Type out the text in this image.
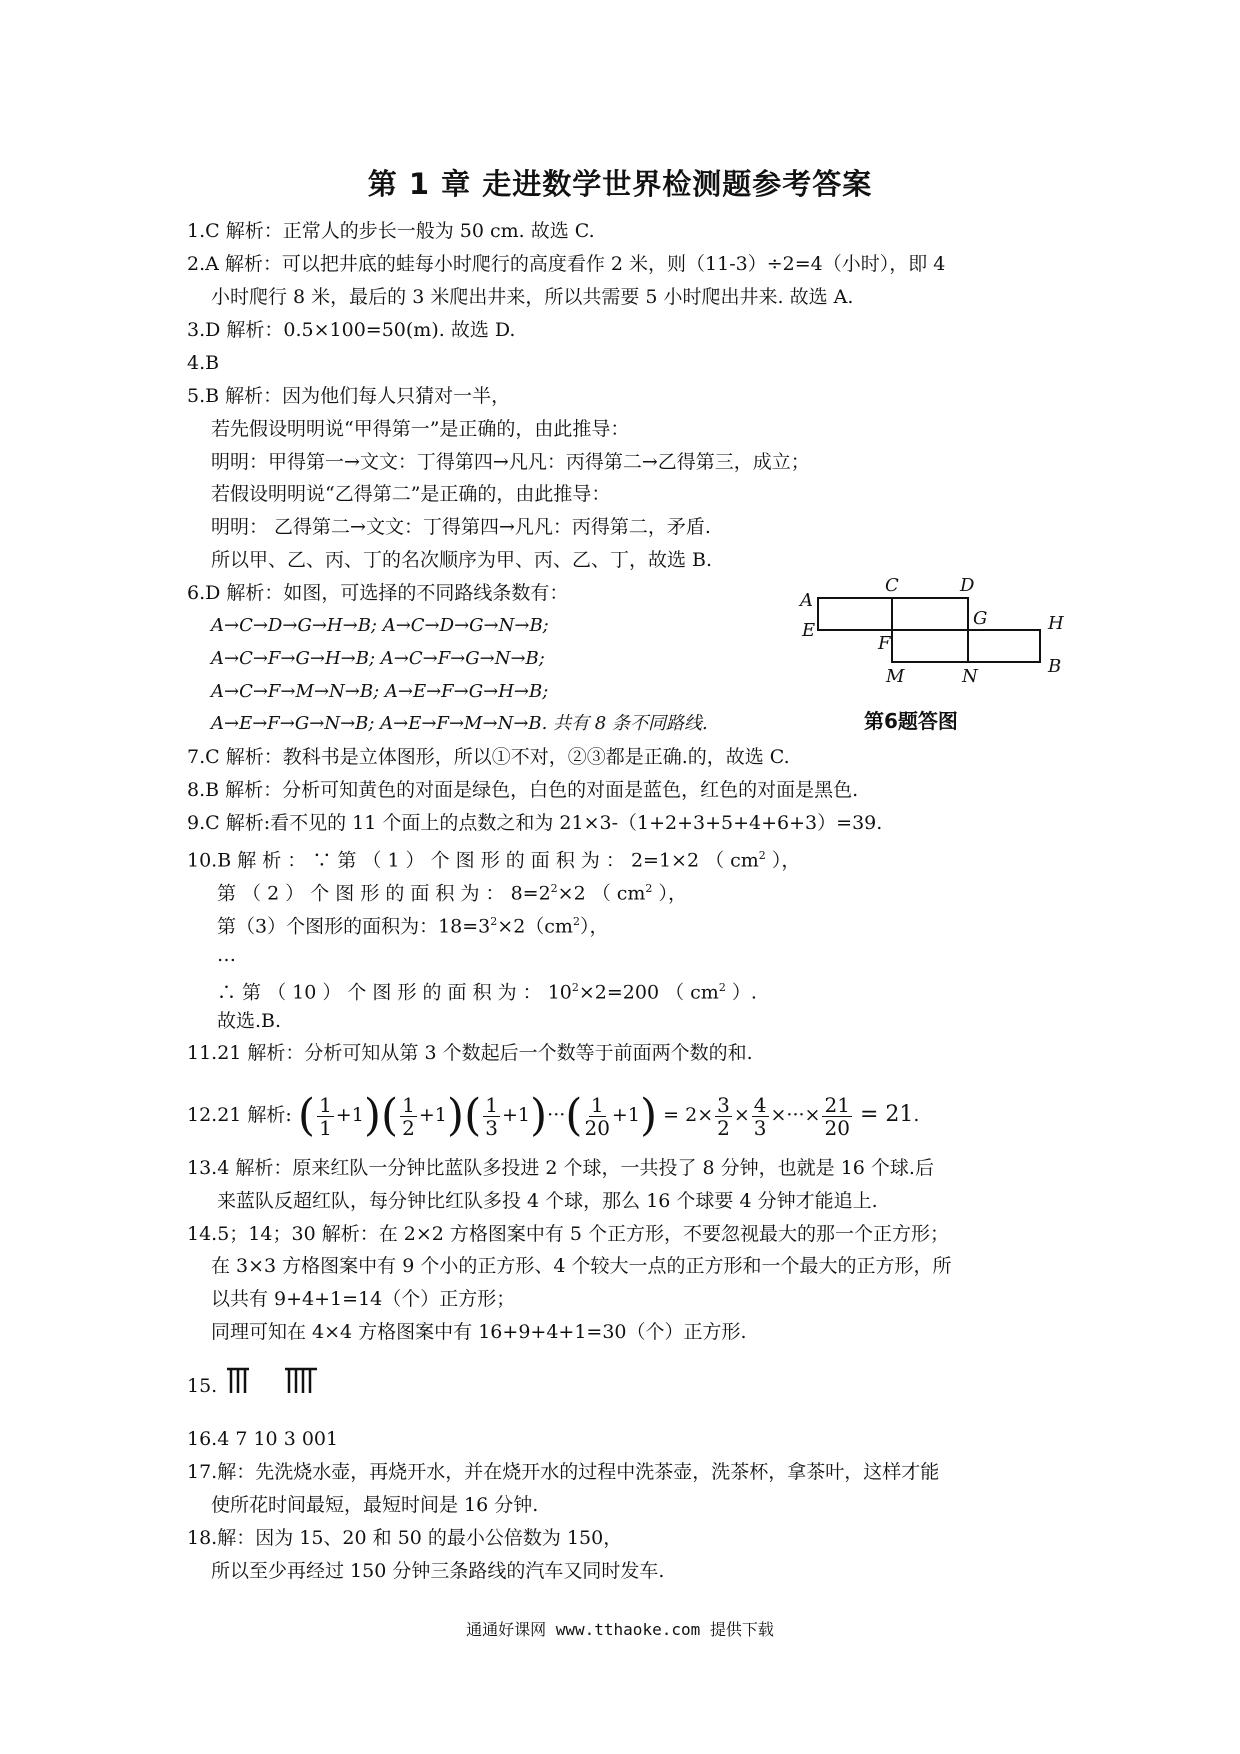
第 1 章 走进数学世界检测题参考答案
1.C 解析：正常人的步长一般为 50 cm. 故选 C.
2.A 解析：可以把井底的蛙每小时爬行的高度看作 2 米，则（11-3）÷2=4（小时），即 4
小时爬行 8 米，最后的 3 米爬出井来，所以共需要 5 小时爬出井来. 故选 A.
3.D 解析：0.5×100=50(m). 故选 D.
4.B
5.B 解析：因为他们每人只猜对一半，
若先假设明明说“甲得第一”是正确的，由此推导：
明明：甲得第一→文文：丁得第四→凡凡：丙得第二→乙得第三，成立；
若假设明明说“乙得第二”是正确的，由此推导：
明明： 乙得第二→文文：丁得第四→凡凡：丙得第二，矛盾.
所以甲、乙、丙、丁的名次顺序为甲、丙、乙、丁，故选 B.
6.D 解析：如图，可选择的不同路线条数有：
A→C→D→G→H→B; A→C→D→G→N→B;
A→C→F→G→H→B; A→C→F→G→N→B;
A→C→F→M→N→B; A→E→F→G→H→B;
A→E→F→G→N→B; A→E→F→M→N→B. 共有 8 条不同路线.
A
C	D
E
F
G	H
M	N	B
第6题答图
7.C 解析：教科书是立体图形，所以①不对，②③都是正确.的，故选 C.
8.B 解析：分析可知黄色的对面是绿色，白色的对面是蓝色，红色的对面是黑色.
9.C 解析:看不见的 11 个面上的点数之和为 21×3-（1+2+3+5+4+6+3）=39.
10.B 解 析 ： ∵ 第 （ 1 ） 个 图 形 的 面 积 为 ： 2=1×2 （ $cm^2$ ），
第 （ 2 ） 个 图 形 的 面 积 为 ： $8=2^2\times 2$ （ $cm^2$ ），
第（3）个图形的面积为：$18=3^2\times 2(cm^2)$，
…
∴ 第 （ 10 ） 个 图 形 的 面 积 为 ： $10^2\times 2=200$ （ $cm^2$ ）.
故选.B.
11.21 解析：分析可知从第 3 个数起后一个数等于前面两个数的和.
12.21 解析: ( $\frac{1}{1} +1)( \frac{1}{2} +1)( \frac{1}{3} +1)\cdot\cdot\cdot( \frac{1}{20} +1) = 2\times \frac{3}{2} \times \frac{4}{3}$ ×···× $\frac{21}{20} = 21$.
13.4 解析：原来红队一分钟比蓝队多投进 2 个球，一共投了 8 分钟，也就是 16 个球.后
来蓝队反超红队，每分钟比红队多投 4 个球，那么 16 个球要 4 分钟才能追上.
14.5；14；30 解析：在 2×2 方格图案中有 5 个正方形，不要忽视最大的那一个正方形；
在 3×3 方格图案中有 9 个小的正方形、4 个较大一点的正方形和一个最大的正方形，所
以共有 9+4+1=14（个）正方形；
同理可知在 4×4 方格图案中有 16+9+4+1=30（个）正方形.
15.
16.4 7 10 3 001
17.解：先洗烧水壶，再烧开水，并在烧开水的过程中洗茶壶，洗茶杯，拿茶叶，这样才能
使所花时间最短，最短时间是 16 分钟.
18.解：因为 15、20 和 50 的最小公倍数为 150，
所以至少再经过 150 分钟三条路线的汽车又同时发车.
通通好课网 www.tthaoke.com 提供下载
